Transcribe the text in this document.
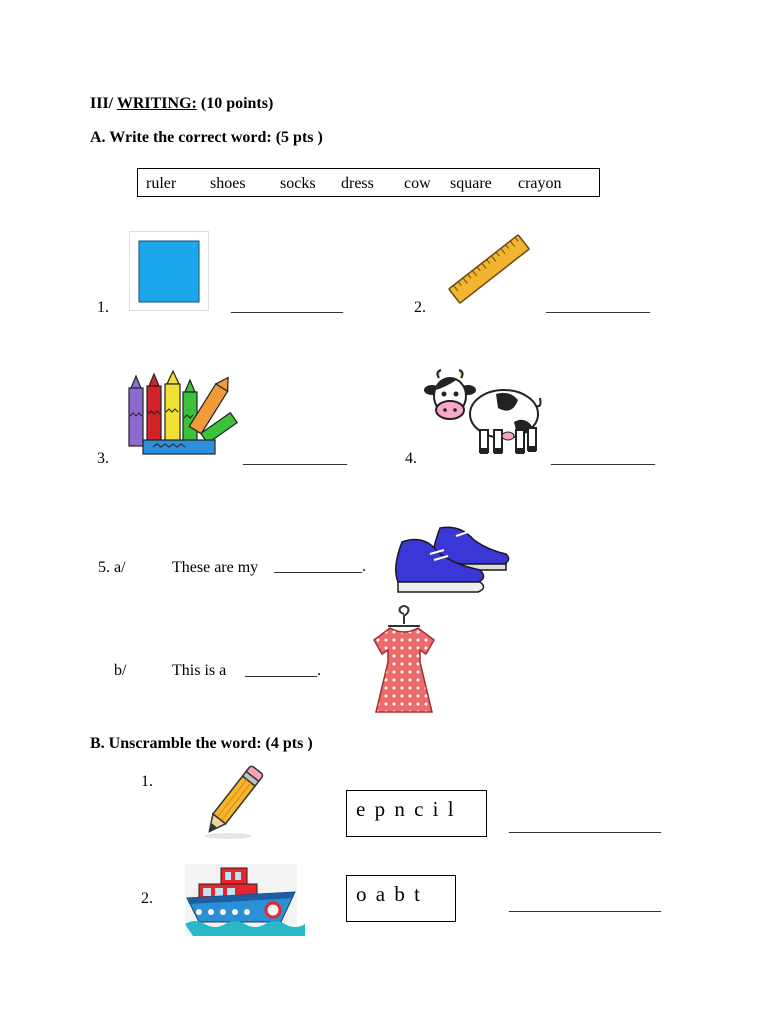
III/ WRITING: (10 points)
A. Write the correct word: (5 pts )
ruler shoes socks dress cow square crayon
1.	______________	2.	_____________
3.	_____________	4.	_____________
5. a/	These are my ___________.
b/	This is a _________.
B. Unscramble the word: (4 pts )
1.
e p n c i l
___________________
2.	o a b t	___________________
